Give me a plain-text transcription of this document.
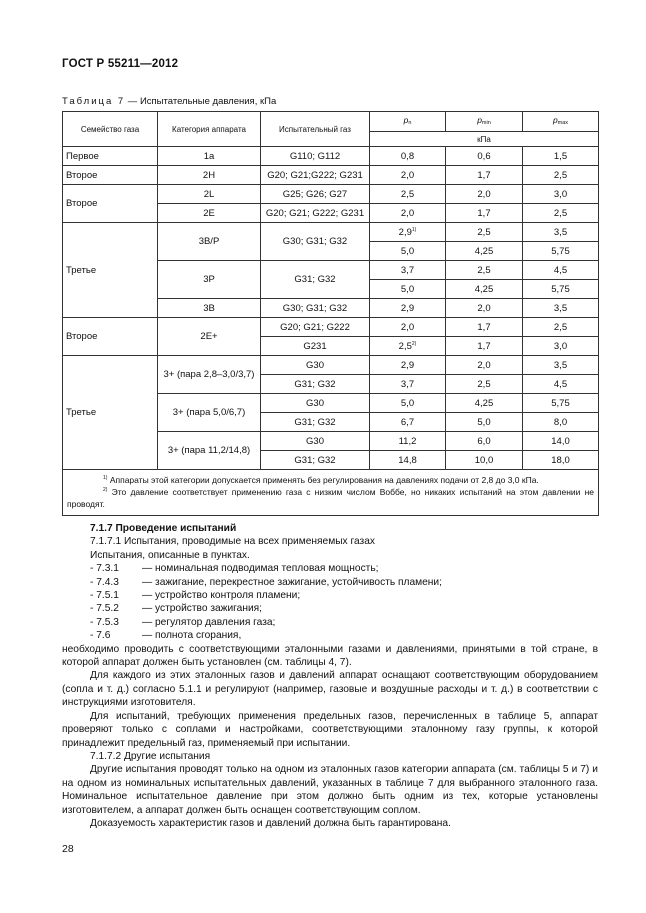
ГОСТ Р 55211—2012
Таблица 7 — Испытательные давления, кПа
Семейство газа	Категория аппарата	Испытательный газ	pn	pmin	pmax
			кПа		
Первое	1a	G110; G112	0,8	0,6	1,5
Второе	2H	G20; G21;G222; G231	2,0	1,7	2,5
Второе	2L	G25; G26; G27	2,5	2,0	3,0
	2E	G20; G21; G222; G231	2,0	1,7	2,5
Третье	3B/P	G30; G31; G32	2,9$^{1)}$	2,5	3,5
			5,0	4,25	5,75
	3P	G31; G32	3,7	2,5	4,5
			5,0	4,25	5,75
	3B	G30; G31; G32	2,9	2,0	3,5
Второе	2E+	G20; G21; G222	2,0	1,7	2,5
		G231	2,5$^{2)}$	1,7	3,0
Третье	3+ (пара 2,8–3,0/3,7)	G30	2,9	2,0	3,5
		G31; G32	3,7	2,5	4,5
	3+ (пара 5,0/6,7)	G30	5,0	4,25	5,75
		G31; G32	6,7	5,0	8,0
	3+ (пара 11,2/14,8)	G30	11,2	6,0	14,0
		G31; G32	14,8	10,0	18,0

$^{1)}$ Аппараты этой категории допускается применять без регулирования на давлениях подачи от 2,8 до 3,0 кПа.

$^{2)}$ Это давление соответствует применению газа с низким числом Воббе, но никаких испытаний на этом давлении не проводят.					

7.1.7 Проведение испытаний

7.1.7.1 Испытания, проводимые на всех применяемых газах

Испытания, описанные в пунктах.

- 7.3.1	— номинальная подводимая тепловая мощность;
- 7.4.3	— зажигание, перекрестное зажигание, устойчивость пламени;
- 7.5.1	— устройство контроля пламени;
- 7.5.2	— устройство зажигания;
- 7.5.3	— регулятор давления газа;
- 7.6	— полнота сгорания,

необходимо проводить с соответствующими эталонными газами и давлениями, принятыми в той стране, в которой аппарат должен быть установлен (см. таблицы 4, 7).

Для каждого из этих эталонных газов и давлений аппарат оснащают соответствующим оборудованием (сопла и т. д.) согласно 5.1.1 и регулируют (например, газовые и воздушные расходы и т. д.) в соответствии с инструкциями изготовителя.

Для испытаний, требующих применения предельных газов, перечисленных в таблице 5, аппарат проверяют только с соплами и настройками, соответствующими эталонному газу группы, к которой принадлежит предельный газ, применяемый при испытании.

7.1.7.2 Другие испытания

Другие испытания проводят только на одном из эталонных газов категории аппарата (см. таблицы 5 и 7) и на одном из номинальных испытательных давлений, указанных в таблице 7 для выбранного эталонного газа. Номинальное испытательное давление при этом должно быть одним из тех, которые установлены изготовителем, а аппарат должен быть оснащен соответствующим соплом.

Доказуемость характеристик газов и давлений должна быть гарантирована.

28
